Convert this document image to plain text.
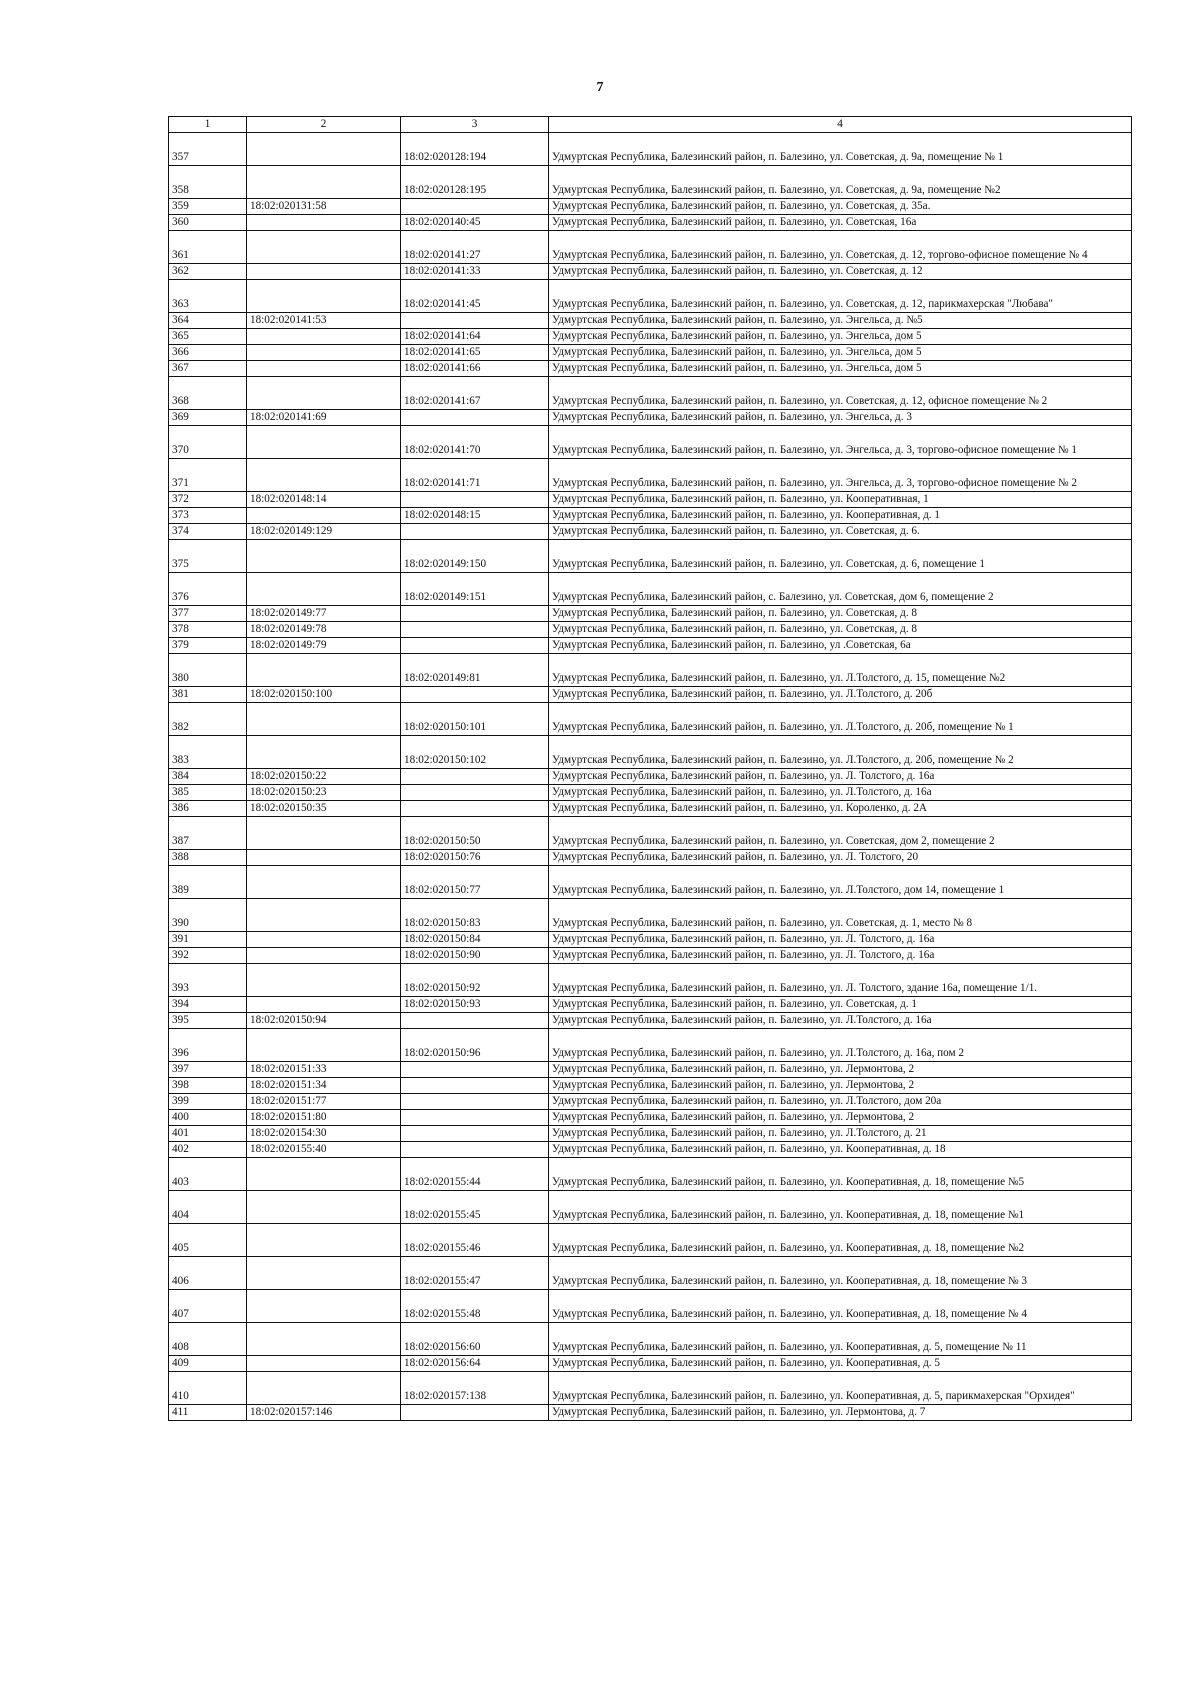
7
1	2	3	4
357		18:02:020128:194	Удмуртская Республика, Балезинский район, п. Балезино, ул. Советская, д. 9а, помещение № 1
358		18:02:020128:195	Удмуртская Республика, Балезинский район, п. Балезино, ул. Советская, д. 9а, помещение №2
359	18:02:020131:58		Удмуртская Республика, Балезинский район, п. Балезино, ул. Советская, д. 35а.
360		18:02:020140:45	Удмуртская Республика, Балезинский район, п. Балезино, ул. Советская, 16а
361		18:02:020141:27	Удмуртская Республика, Балезинский район, п. Балезино, ул. Советская, д. 12, торгово-офисное помещение № 4
362		18:02:020141:33	Удмуртская Республика, Балезинский район, п. Балезино, ул. Советская, д. 12
363		18:02:020141:45	Удмуртская Республика, Балезинский район, п. Балезино, ул. Советская, д. 12, парикмахерская "Любава"
364	18:02:020141:53		Удмуртская Республика, Балезинский район, п. Балезино, ул. Энгельса, д. №5
365		18:02:020141:64	Удмуртская Республика, Балезинский район, п. Балезино, ул. Энгельса, дом 5
366		18:02:020141:65	Удмуртская Республика, Балезинский район, п. Балезино, ул. Энгельса, дом 5
367		18:02:020141:66	Удмуртская Республика, Балезинский район, п. Балезино, ул. Энгельса, дом 5
368		18:02:020141:67	Удмуртская Республика, Балезинский район, п. Балезино, ул. Советская, д. 12, офисное помещение № 2
369	18:02:020141:69		Удмуртская Республика, Балезинский район, п. Балезино, ул. Энгельса, д. 3
370		18:02:020141:70	Удмуртская Республика, Балезинский район, п. Балезино, ул. Энгельса, д. 3, торгово-офисное помещение № 1
371		18:02:020141:71	Удмуртская Республика, Балезинский район, п. Балезино, ул. Энгельса, д. 3, торгово-офисное помещение № 2
372	18:02:020148:14		Удмуртская Республика, Балезинский район, п. Балезино, ул. Кооперативная, 1
373		18:02:020148:15	Удмуртская Республика, Балезинский район, п. Балезино, ул. Кооперативная, д. 1
374	18:02:020149:129		Удмуртская Республика, Балезинский район, п. Балезино, ул. Советская, д. 6.
375		18:02:020149:150	Удмуртская Республика, Балезинский район, п. Балезино, ул. Советская, д. 6, помещение 1
376		18:02:020149:151	Удмуртская Республика, Балезинский район, с. Балезино, ул. Советская, дом 6, помещение 2
377	18:02:020149:77		Удмуртская Республика, Балезинский район, п. Балезино, ул. Советская, д. 8
378	18:02:020149:78		Удмуртская Республика, Балезинский район, п. Балезино, ул. Советская, д. 8
379	18:02:020149:79		Удмуртская Республика, Балезинский район, п. Балезино, ул .Советская, 6а
380		18:02:020149:81	Удмуртская Республика, Балезинский район, п. Балезино, ул. Л.Толстого, д. 15, помещение №2
381	18:02:020150:100		Удмуртская Республика, Балезинский район, п. Балезино, ул. Л.Толстого, д. 20б
382		18:02:020150:101	Удмуртская Республика, Балезинский район, п. Балезино, ул. Л.Толстого, д. 20б, помещение № 1
383		18:02:020150:102	Удмуртская Республика, Балезинский район, п. Балезино, ул. Л.Толстого, д. 20б, помещение № 2
384	18:02:020150:22		Удмуртская Республика, Балезинский район, п. Балезино, ул. Л. Толстого, д. 16а
385	18:02:020150:23		Удмуртская Республика, Балезинский район, п. Балезино, ул. Л.Толстого, д. 16а
386	18:02:020150:35		Удмуртская Республика, Балезинский район, п. Балезино, ул. Короленко, д. 2А
387		18:02:020150:50	Удмуртская Республика, Балезинский район, п. Балезино, ул. Советская, дом 2, помещение 2
388		18:02:020150:76	Удмуртская Республика, Балезинский район, п. Балезино, ул. Л. Толстого, 20
389		18:02:020150:77	Удмуртская Республика, Балезинский район, п. Балезино, ул. Л.Толстого, дом 14, помещение 1
390		18:02:020150:83	Удмуртская Республика, Балезинский район, п. Балезино, ул. Советская, д. 1, место № 8
391		18:02:020150:84	Удмуртская Республика, Балезинский район, п. Балезино, ул. Л. Толстого, д. 16а
392		18:02:020150:90	Удмуртская Республика, Балезинский район, п. Балезино, ул. Л. Толстого, д. 16а
393		18:02:020150:92	Удмуртская Республика, Балезинский район, п. Балезино, ул. Л. Толстого, здание 16а, помещение 1/1.
394		18:02:020150:93	Удмуртская Республика, Балезинский район, п. Балезино, ул. Советская, д. 1
395	18:02:020150:94		Удмуртская Республика, Балезинский район, п. Балезино, ул. Л.Толстого, д. 16а
396		18:02:020150:96	Удмуртская Республика, Балезинский район, п. Балезино, ул. Л.Толстого, д. 16а, пом 2
397	18:02:020151:33		Удмуртская Республика, Балезинский район, п. Балезино, ул. Лермонтова, 2
398	18:02:020151:34		Удмуртская Республика, Балезинский район, п. Балезино, ул. Лермонтова, 2
399	18:02:020151:77		Удмуртская Республика, Балезинский район, п. Балезино, ул. Л.Толстого, дом 20а
400	18:02:020151:80		Удмуртская Республика, Балезинский район, п. Балезино, ул. Лермонтова, 2
401	18:02:020154:30		Удмуртская Республика, Балезинский район, п. Балезино, ул. Л.Толстого, д. 21
402	18:02:020155:40		Удмуртская Республика, Балезинский район, п. Балезино, ул. Кооперативная, д. 18
403		18:02:020155:44	Удмуртская Республика, Балезинский район, п. Балезино, ул. Кооперативная, д. 18, помещение №5
404		18:02:020155:45	Удмуртская Республика, Балезинский район, п. Балезино, ул. Кооперативная, д. 18, помещение №1
405		18:02:020155:46	Удмуртская Республика, Балезинский район, п. Балезино, ул. Кооперативная, д. 18, помещение №2
406		18:02:020155:47	Удмуртская Республика, Балезинский район, п. Балезино, ул. Кооперативная, д. 18, помещение № 3
407		18:02:020155:48	Удмуртская Республика, Балезинский район, п. Балезино, ул. Кооперативная, д. 18, помещение № 4
408		18:02:020156:60	Удмуртская Республика, Балезинский район, п. Балезино, ул. Кооперативная, д. 5, помещение № 11
409		18:02:020156:64	Удмуртская Республика, Балезинский район, п. Балезино, ул. Кооперативная, д. 5
410		18:02:020157:138	Удмуртская Республика, Балезинский район, п. Балезино, ул. Кооперативная, д. 5, парикмахерская "Орхидея"
411	18:02:020157:146		Удмуртская Республика, Балезинский район, п. Балезино, ул. Лермонтова, д. 7
